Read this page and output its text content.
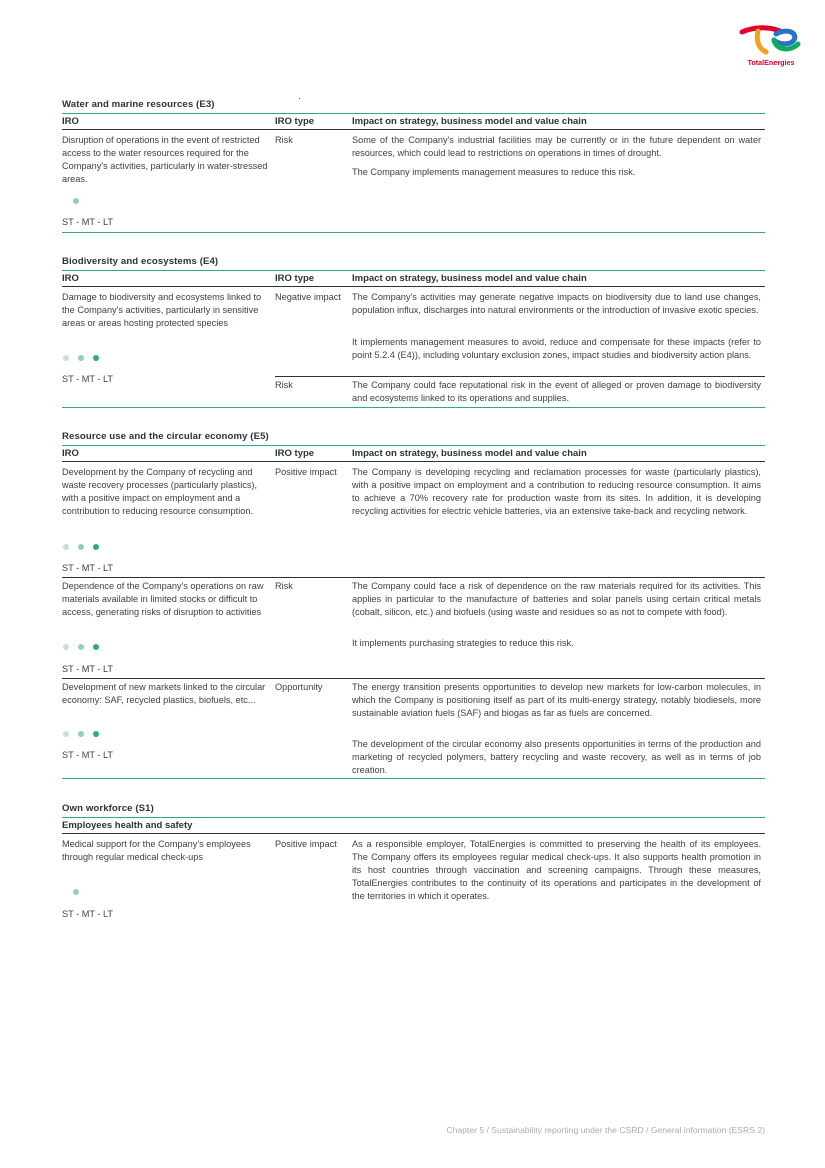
TotalEnergies
Water and marine resources (E3)
IRO	IRO type	Impact on strategy, business model and value chain
Disruption of operations in the event of restricted access to the water resources required for the Company's activities, particularly in water-stressed areas.
Risk	Some of the Company's industrial facilities may be currently or in the future dependent on water resources, which could lead to restrictions on operations in times of drought.
The Company implements management measures to reduce this risk.
ST - MT - LT
Biodiversity and ecosystems (E4)
IRO	IRO type	Impact on strategy, business model and value chain
Damage to biodiversity and ecosystems linked to the Company's activities, particularly in sensitive areas or areas hosting protected species
Negative impact	The Company's activities may generate negative impacts on biodiversity due to land use changes, population influx, discharges into natural environments or the introduction of invasive exotic species.
It implements management measures to avoid, reduce and compensate for these impacts (refer to point 5.2.4 (E4)), including voluntary exclusion zones, impact studies and biodiversity action plans.
ST - MT - LT
Risk	The Company could face reputational risk in the event of alleged or proven damage to biodiversity and ecosystems linked to its operations and supplies.
Resource use and the circular economy (E5)
IRO	IRO type	Impact on strategy, business model and value chain
Development by the Company of recycling and waste recovery processes (particularly plastics), with a positive impact on employment and a contribution to reducing resource consumption.
Positive impact	The Company is developing recycling and reclamation processes for waste (particularly plastics), with a positive impact on employment and a contribution to reducing resource consumption. It aims to achieve a 70% recovery rate for production waste from its sites. In addition, it is developing recycling activities for electric vehicle batteries, via an extensive take-back and recycling network.
ST - MT - LT
Dependence of the Company's operations on raw materials available in limited stocks or difficult to access, generating risks of disruption to activities
Risk	The Company could face a risk of dependence on the raw materials required for its activities. This applies in particular to the manufacture of batteries and solar panels using certain critical metals (cobalt, silicon, etc.) and biofuels (using waste and residues so as not to compete with food).
It implements purchasing strategies to reduce this risk.
ST - MT - LT
Development of new markets linked to the circular economy: SAF, recycled plastics, biofuels, etc...
Opportunity	The energy transition presents opportunities to develop new markets for low-carbon molecules, in which the Company is positioning itself as part of its multi-energy strategy, notably biodiesels, more sustainable aviation fuels (SAF) and biogas as far as fuels are concerned.
The development of the circular economy also presents opportunities in terms of the production and marketing of recycled polymers, battery recycling and waste recovery, as well as in terms of job creation.
ST - MT - LT
Own workforce (S1)
Employees health and safety
Medical support for the Company's employees through regular medical check-ups
Positive impact	As a responsible employer, TotalEnergies is committed to preserving the health of its employees. The Company offers its employees regular medical check-ups. It also supports health promotion in its host countries through vaccination and screening campaigns. Through these measures, TotalEnergies contributes to the continuity of its operations and participates in the development of the territories in which it operates.
ST - MT - LT
Chapter 5 / Sustainability reporting under the CSRD / General information (ESRS 2)
